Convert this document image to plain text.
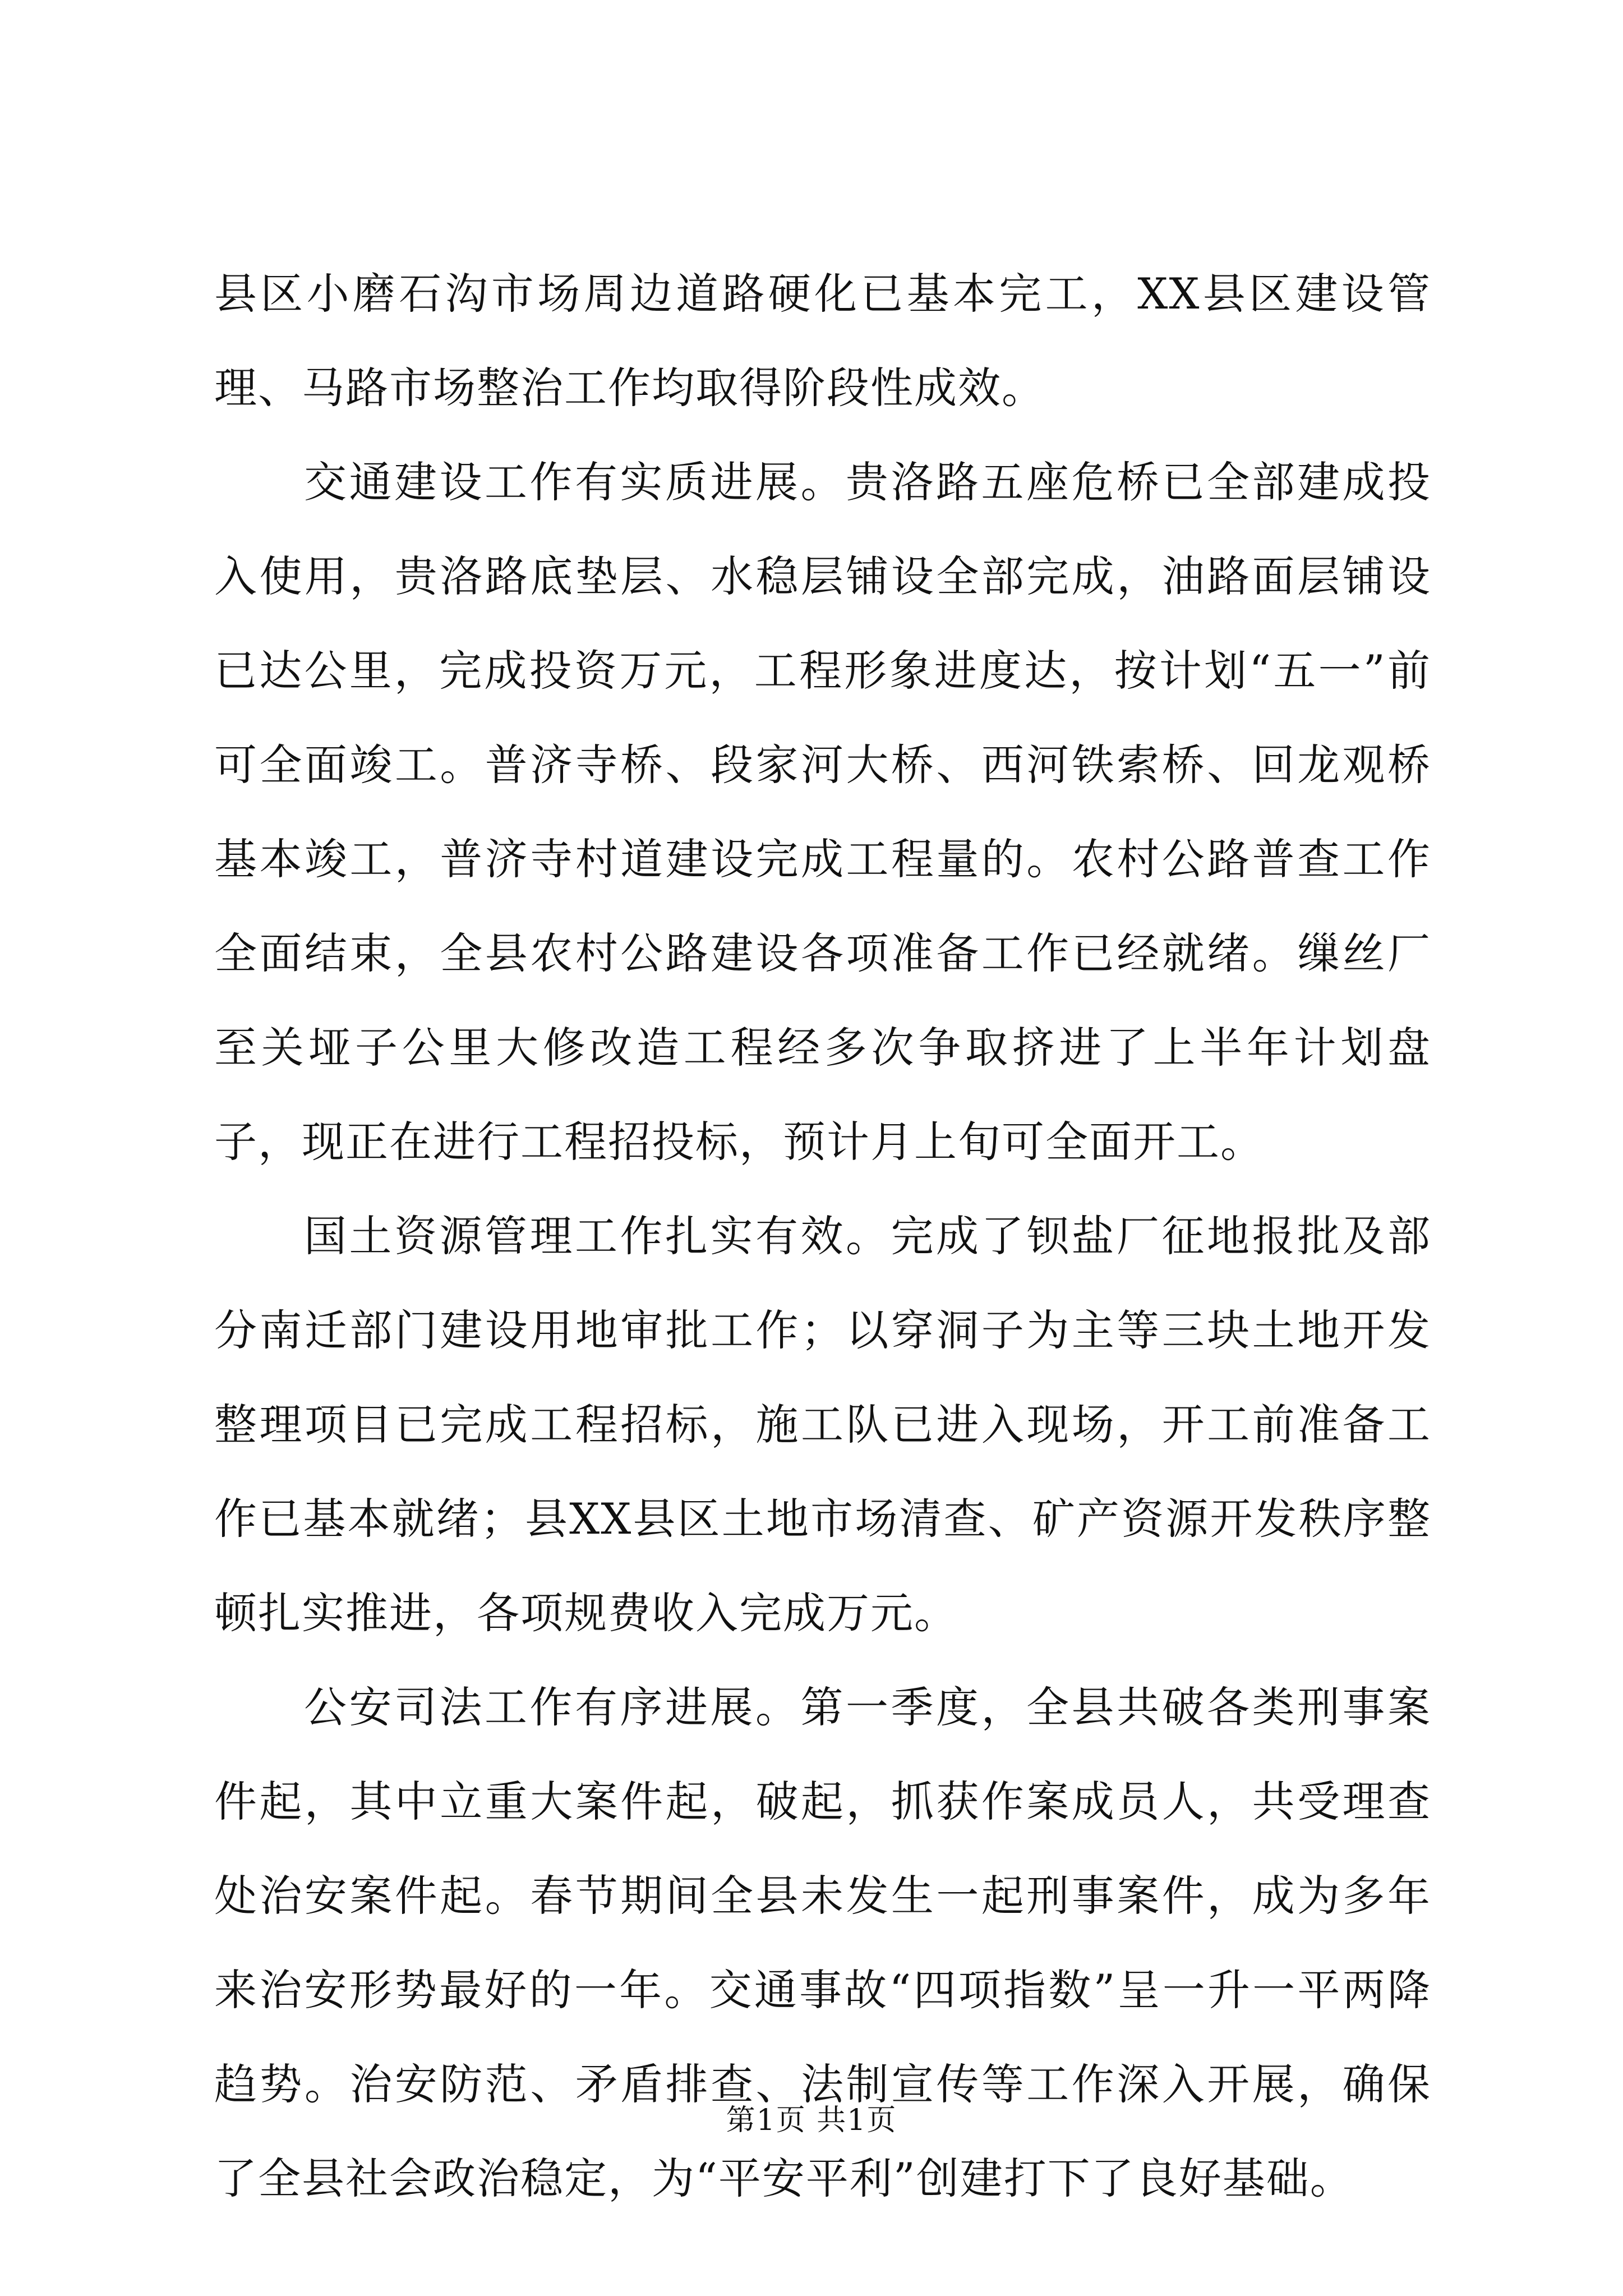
县区小磨石沟市场周边道路硬化已基本完工，XX县区建设管理、马路市场整治工作均取得阶段性成效。

交通建设工作有实质进展。贵洛路五座危桥已全部建成投入使用，贵洛路底垫层、水稳层铺设全部完成，油路面层铺设已达公里，完成投资万元，工程形象进度达，按计划“五一”前可全面竣工。普济寺桥、段家河大桥、西河铁索桥、回龙观桥基本竣工，普济寺村道建设完成工程量的。农村公路普查工作全面结束，全县农村公路建设各项准备工作已经就绪。缫丝厂至关垭子公里大修改造工程经多次争取挤进了上半年计划盘子，现正在进行工程招投标，预计月上旬可全面开工。

国土资源管理工作扎实有效。完成了钡盐厂征地报批及部分南迁部门建设用地审批工作；以穿洞子为主等三块土地开发整理项目已完成工程招标，施工队已进入现场，开工前准备工作已基本就绪；县XX县区土地市场清查、矿产资源开发秩序整顿扎实推进，各项规费收入完成万元。

公安司法工作有序进展。第一季度，全县共破各类刑事案件起，其中立重大案件起，破起，抓获作案成员人，共受理查处治安案件起。春节期间全县未发生一起刑事案件，成为多年来治安形势最好的一年。交通事故“四项指数”呈一升一平两降趋势。治安防范、矛盾排查、法制宣传等工作深入开展，确保了全县社会政治稳定，为“平安平利”创建打下了良好基础。

第1页 共1页
